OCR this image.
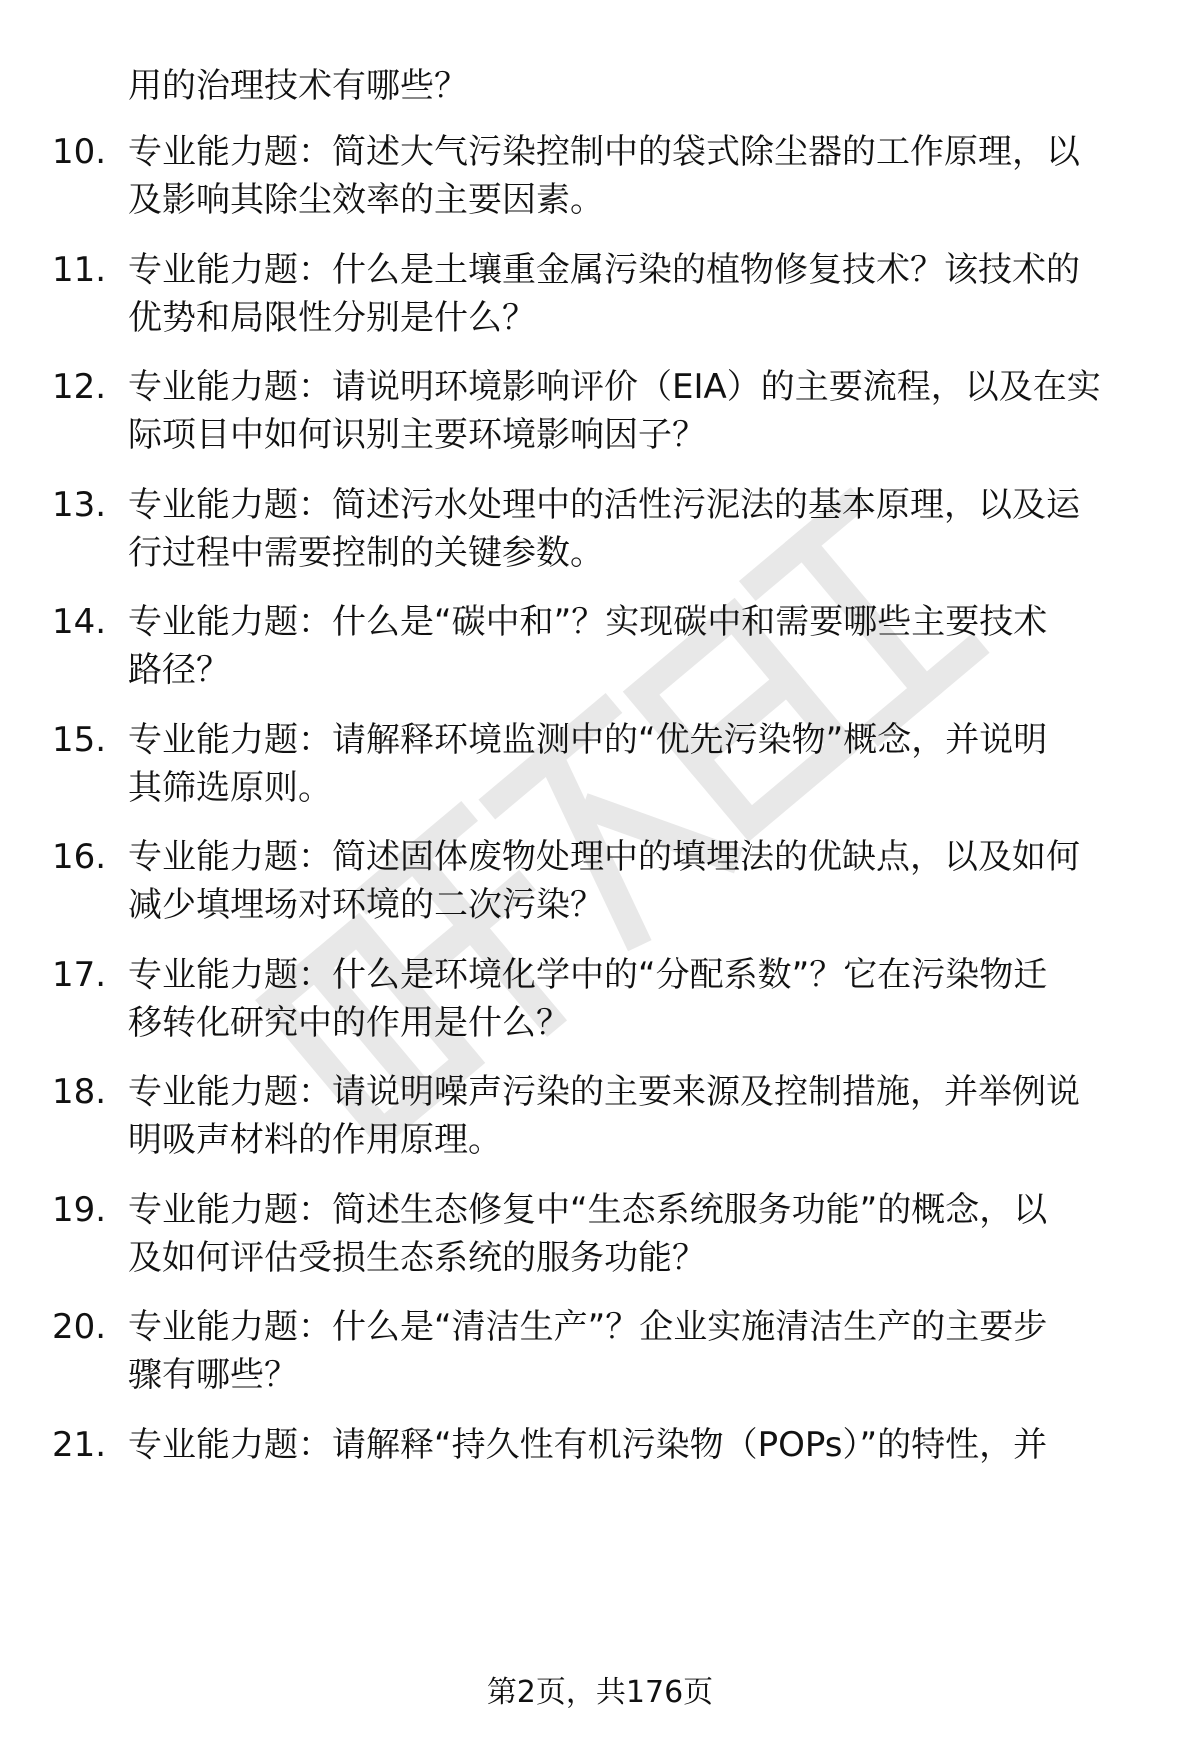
用的治理技术有哪些？
10. 专业能力题：简述大气污染控制中的袋式除尘器的工作原理，以
及影响其除尘效率的主要因素。
11. 专业能力题：什么是土壤重金属污染的植物修复技术？该技术的
优势和局限性分别是什么？
12. 专业能力题：请说明环境影响评价（EIA）的主要流程，以及在实
际项目中如何识别主要环境影响因子？
13. 专业能力题：简述污水处理中的活性污泥法的基本原理，以及运
行过程中需要控制的关键参数。
14. 专业能力题：什么是“碳中和”？实现碳中和需要哪些主要技术
路径？
15. 专业能力题：请解释环境监测中的“优先污染物”概念，并说明
其筛选原则。
16. 专业能力题：简述固体废物处理中的填埋法的优缺点，以及如何
减少填埋场对环境的二次污染？
17. 专业能力题：什么是环境化学中的“分配系数”？它在污染物迁
移转化研究中的作用是什么？
18. 专业能力题：请说明噪声污染的主要来源及控制措施，并举例说
明吸声材料的作用原理。
19. 专业能力题：简述生态修复中“生态系统服务功能”的概念，以
及如何评估受损生态系统的服务功能？
20. 专业能力题：什么是“清洁生产”？企业实施清洁生产的主要步
骤有哪些？
21. 专业能力题：请解释“持久性有机污染物（POPs）”的特性，并
第2页，共176页
